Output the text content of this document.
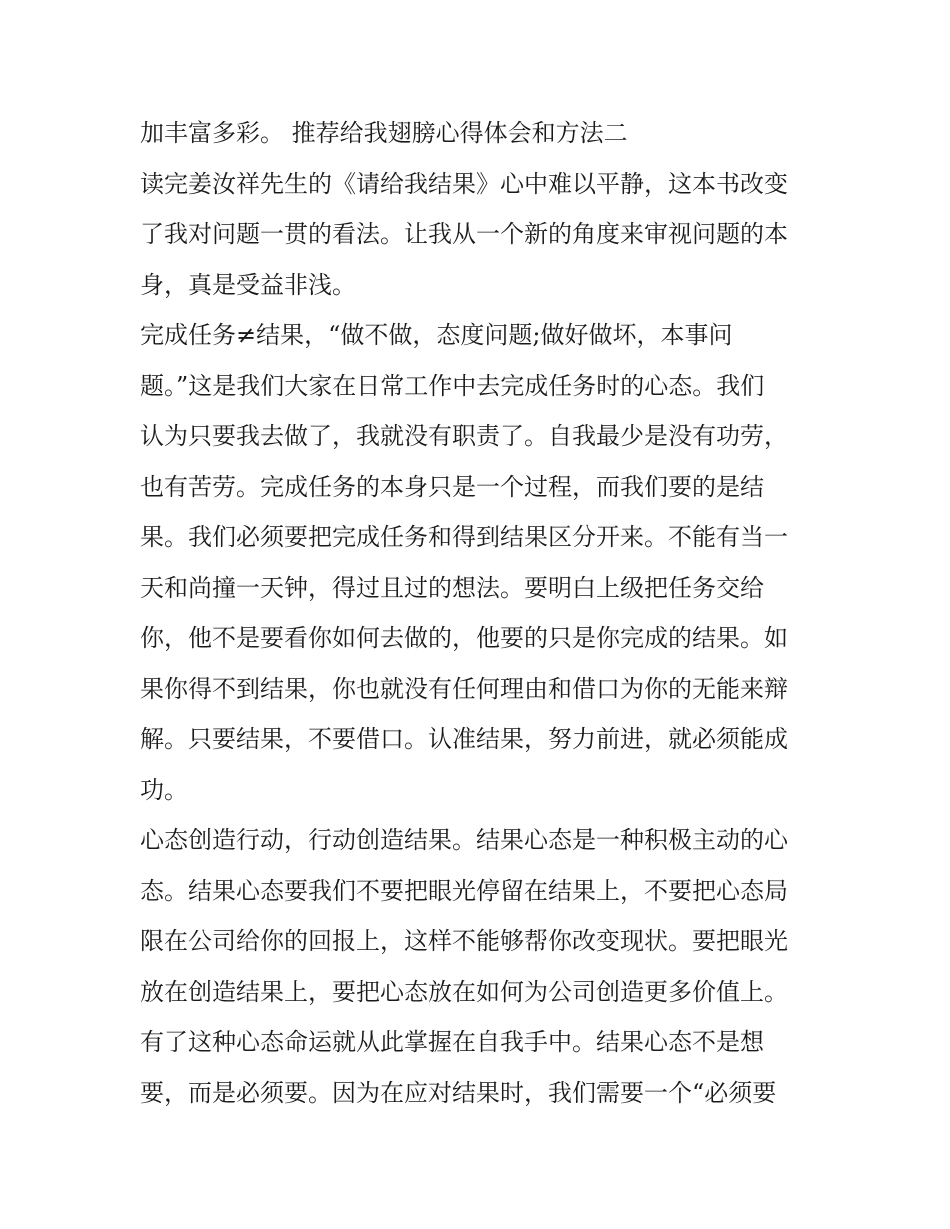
加丰富多彩。 推荐给我翅膀心得体会和方法二
读完姜汝祥先生的《请给我结果》心中难以平静，这本书改变
了我对问题一贯的看法。让我从一个新的角度来审视问题的本
身，真是受益非浅。
完成任务≠结果，“做不做，态度问题;做好做坏，本事问
题。”这是我们大家在日常工作中去完成任务时的心态。我们
认为只要我去做了，我就没有职责了。自我最少是没有功劳，
也有苦劳。完成任务的本身只是一个过程，而我们要的是结
果。我们必须要把完成任务和得到结果区分开来。不能有当一
天和尚撞一天钟，得过且过的想法。要明白上级把任务交给
你，他不是要看你如何去做的，他要的只是你完成的结果。如
果你得不到结果，你也就没有任何理由和借口为你的无能来辩
解。只要结果，不要借口。认准结果，努力前进，就必须能成
功。
心态创造行动，行动创造结果。结果心态是一种积极主动的心
态。结果心态要我们不要把眼光停留在结果上，不要把心态局
限在公司给你的回报上，这样不能够帮你改变现状。要把眼光
放在创造结果上，要把心态放在如何为公司创造更多价值上。
有了这种心态命运就从此掌握在自我手中。结果心态不是想
要，而是必须要。因为在应对结果时，我们需要一个“必须要
